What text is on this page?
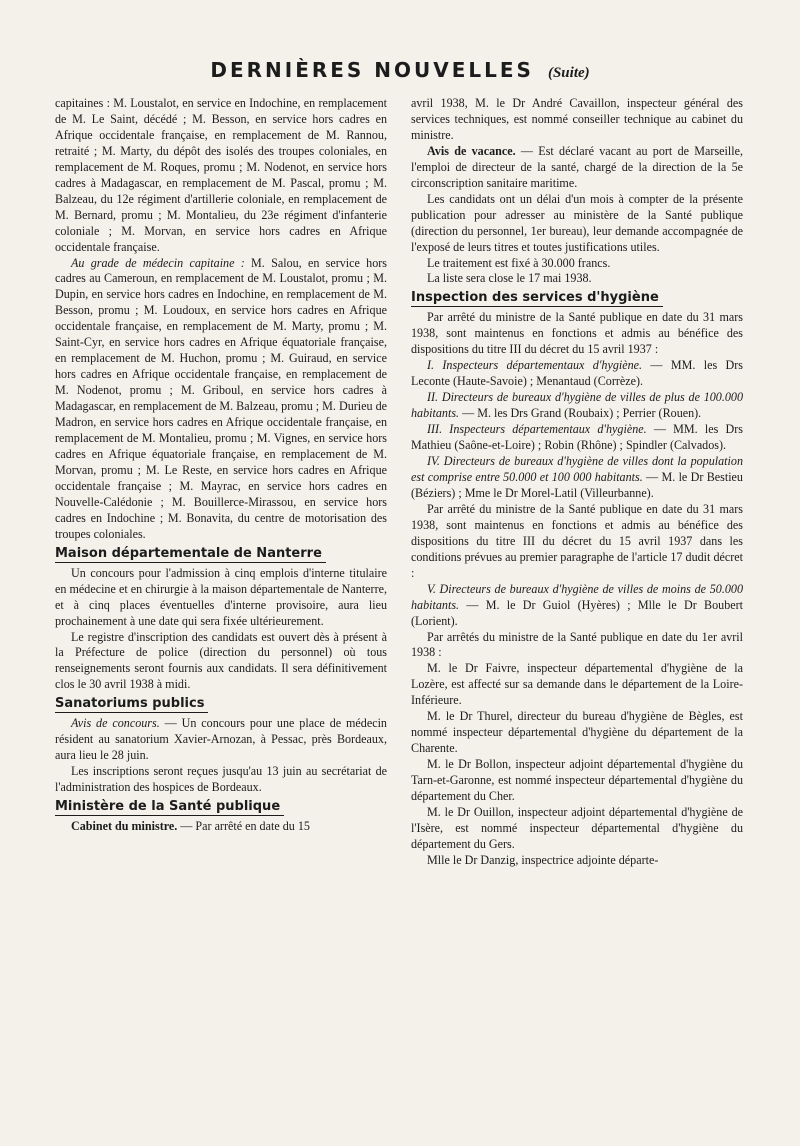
DERNIÈRES NOUVELLES (Suite)

capitaines : M. Loustalot, en service en Indochine, en remplacement de M. Le Saint, décédé ; M. Besson, en service hors cadres en Afrique occidentale française, en remplacement de M. Rannou, retraité ; M. Marty, du dépôt des isolés des troupes coloniales, en remplacement de M. Roques, promu ; M. Nodenot, en service hors cadres à Madagascar, en remplacement de M. Pascal, promu ; M. Balzeau, du 12e régiment d'artillerie coloniale, en remplacement de M. Bernard, promu ; M. Montalieu, du 23e régiment d'infanterie coloniale ; M. Morvan, en service hors cadres en Afrique occidentale française.

Au grade de médecin capitaine : M. Salou, en service hors cadres au Cameroun, en remplacement de M. Loustalot, promu ; M. Dupin, en service hors cadres en Indochine, en remplacement de M. Besson, promu ; M. Loudoux, en service hors cadres en Afrique occidentale française, en remplacement de M. Marty, promu ; M. Saint-Cyr, en service hors cadres en Afrique équatoriale française, en remplacement de M. Huchon, promu ; M. Guiraud, en service hors cadres en Afrique occidentale française, en remplacement de M. Nodenot, promu ; M. Griboul, en service hors cadres à Madagascar, en remplacement de M. Balzeau, promu ; M. Durieu de Madron, en service hors cadres en Afrique occidentale française, en remplacement de M. Montalieu, promu ; M. Vignes, en service hors cadres en Afrique équatoriale française, en remplacement de M. Morvan, promu ; M. Le Reste, en service hors cadres en Afrique occidentale française ; M. Mayrac, en service hors cadres en Nouvelle-Calédonie ; M. Bouillerce-Mirassou, en service hors cadres en Indochine ; M. Bonavita, du centre de motorisation des troupes coloniales.

Maison départementale de Nanterre

Un concours pour l'admission à cinq emplois d'interne titulaire en médecine et en chirurgie à la maison départementale de Nanterre, et à cinq places éventuelles d'interne provisoire, aura lieu prochainement à une date qui sera fixée ultérieurement.

Le registre d'inscription des candidats est ouvert dès à présent à la Préfecture de police (direction du personnel) où tous renseignements seront fournis aux candidats. Il sera définitivement clos le 30 avril 1938 à midi.

Sanatoriums publics

Avis de concours. — Un concours pour une place de médecin résident au sanatorium Xavier-Arnozan, à Pessac, près Bordeaux, aura lieu le 28 juin.

Les inscriptions seront reçues jusqu'au 13 juin au secrétariat de l'administration des hospices de Bordeaux.

Ministère de la Santé publique

Cabinet du ministre. — Par arrêté en date du 15

avril 1938, M. le Dr André Cavaillon, inspecteur général des services techniques, est nommé conseiller technique au cabinet du ministre.

Avis de vacance. — Est déclaré vacant au port de Marseille, l'emploi de directeur de la santé, chargé de la direction de la 5e circonscription sanitaire maritime.

Les candidats ont un délai d'un mois à compter de la présente publication pour adresser au ministère de la Santé publique (direction du personnel, 1er bureau), leur demande accompagnée de l'exposé de leurs titres et toutes justifications utiles.

Le traitement est fixé à 30.000 francs.

La liste sera close le 17 mai 1938.

Inspection des services d'hygiène

Par arrêté du ministre de la Santé publique en date du 31 mars 1938, sont maintenus en fonctions et admis au bénéfice des dispositions du titre III du décret du 15 avril 1937 :

I. Inspecteurs départementaux d'hygiène. — MM. les Drs Leconte (Haute-Savoie) ; Menantaud (Corrèze).

II. Directeurs de bureaux d'hygiène de villes de plus de 100.000 habitants. — M. les Drs Grand (Roubaix) ; Perrier (Rouen).

III. Inspecteurs départementaux d'hygiène. — MM. les Drs Mathieu (Saône-et-Loire) ; Robin (Rhône) ; Spindler (Calvados).

IV. Directeurs de bureaux d'hygiène de villes dont la population est comprise entre 50.000 et 100 000 habitants. — M. le Dr Bestieu (Béziers) ; Mme le Dr Morel-Latil (Villeurbanne).

Par arrêté du ministre de la Santé publique en date du 31 mars 1938, sont maintenus en fonctions et admis au bénéfice des dispositions du titre III du décret du 15 avril 1937 dans les conditions prévues au premier paragraphe de l'article 17 dudit décret :

V. Directeurs de bureaux d'hygiène de villes de moins de 50.000 habitants. — M. le Dr Guiol (Hyères) ; Mlle le Dr Boubert (Lorient).

Par arrêtés du ministre de la Santé publique en date du 1er avril 1938 :

M. le Dr Faivre, inspecteur départemental d'hygiène de la Lozère, est affecté sur sa demande dans le département de la Loire-Inférieure.

M. le Dr Thurel, directeur du bureau d'hygiène de Bègles, est nommé inspecteur départemental d'hygiène du département de la Charente.

M. le Dr Bollon, inspecteur adjoint départemental d'hygiène du Tarn-et-Garonne, est nommé inspecteur départemental d'hygiène du département du Cher.

M. le Dr Ouillon, inspecteur adjoint départemental d'hygiène de l'Isère, est nommé inspecteur départemental d'hygiène du département du Gers.

Mlle le Dr Danzig, inspectrice adjointe départe-
